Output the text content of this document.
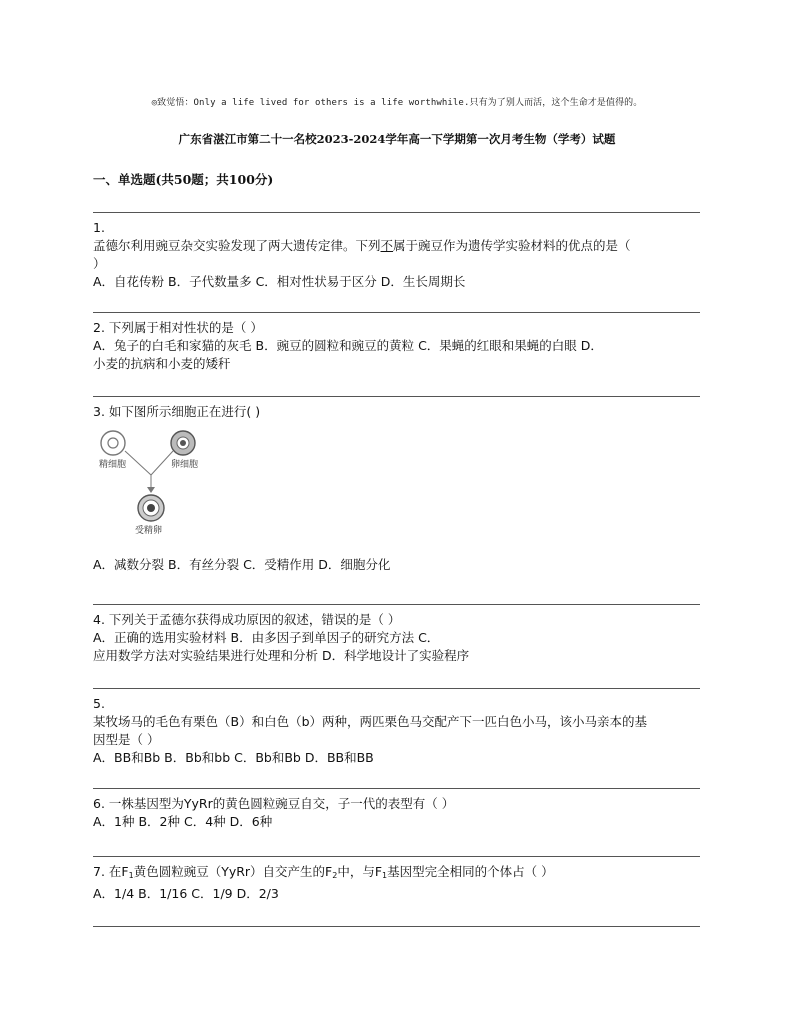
◎致觉悟：Only a life lived for others is a life worthwhile.只有为了别人而活，这个生命才是值得的。
广东省湛江市第二十一名校2023-2024学年高一下学期第一次月考生物（学考）试题
一、单选题(共50题；共100分)
1.
孟德尔利用豌豆杂交实验发现了两大遗传定律。下列不属于豌豆作为遗传学实验材料的优点的是（
）
A．自花传粉 B．子代数量多 C．相对性状易于区分 D．生长周期长
2. 下列属于相对性状的是（ ）
A．兔子的白毛和家猫的灰毛 B．豌豆的圆粒和豌豆的黄粒 C．果蝇的红眼和果蝇的白眼 D．
小麦的抗病和小麦的矮秆
3. 如下图所示细胞正在进行( )
精细胞	卵细胞
受精卵
A．减数分裂 B．有丝分裂 C．受精作用 D．细胞分化
4. 下列关于孟德尔获得成功原因的叙述，错误的是（ ）
A．正确的选用实验材料 B．由多因子到单因子的研究方法 C．
应用数学方法对实验结果进行处理和分析 D．科学地设计了实验程序
5.
某牧场马的毛色有栗色（B）和白色（b）两种，两匹栗色马交配产下一匹白色小马，该小马亲本的基
因型是（ ）
A．BB和Bb B．Bb和bb C．Bb和Bb D．BB和BB
6. 一株基因型为YyRr的黄色圆粒豌豆自交，子一代的表型有（ ）
A．1种 B．2种 C．4种 D．6种
7. 在$F_1$黄色圆粒豌豆（YyRr）自交产生的$F_2$中，与$F_1$基因型完全相同的个体占（ ）
A．1/4 B．1/16 C．1/9 D．2/3
